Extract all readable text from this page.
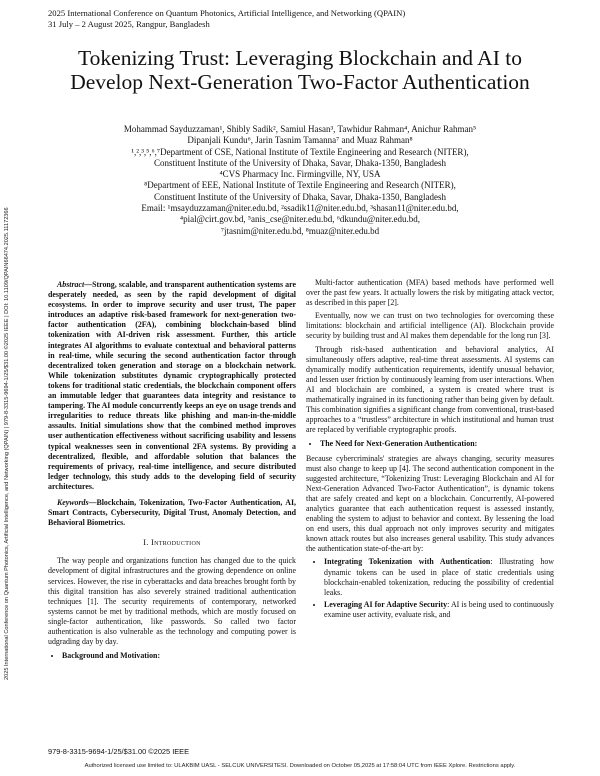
2025 International Conference on Quantum Photonics, Artificial Intelligence, and Networking (QPAIN)
31 July – 2 August 2025, Rangpur, Bangladesh
2025 International Conference on Quantum Photonics, Artificial Intelligence, and Networking (QPAIN) | 979-8-3315-9694-1/25/$31.00 ©2025 IEEE | DOI: 10.1109/QPAIN66474.2025.11172366
Tokenizing Trust: Leveraging Blockchain and AI to Develop Next-Generation Two-Factor Authentication
Mohammad Sayduzzaman¹, Shibly Sadik², Samiul Hasan³, Tawhidur Rahman⁴, Anichur Rahman⁵
Dipanjali Kundu⁶, Jarin Tasnim Tamanna⁷ and Muaz Rahman⁸
¹,²,³,⁵,⁶,⁷Department of CSE, National Institute of Textile Engineering and Research (NITER),
Constituent Institute of the University of Dhaka, Savar, Dhaka-1350, Bangladesh
⁴CVS Pharmacy Inc. Firmingville, NY, USA
⁸Department of EEE, National Institute of Textile Engineering and Research (NITER),
Constituent Institute of the University of Dhaka, Savar, Dhaka-1350, Bangladesh
Email: ¹msayduzzaman@niter.edu.bd, ²ssadik11@niter.edu.bd, ³shasan11@niter.edu.bd,
⁴pial@cirt.gov.bd, ⁵anis_cse@niter.edu.bd, ⁶dkundu@niter.edu.bd,
⁷jtasnim@niter.edu.bd, ⁸muaz@niter.edu.bd

Abstract—Strong, scalable, and transparent authentication systems are desperately needed, as seen by the rapid development of digital ecosystems. In order to improve security and user trust, The paper introduces an adaptive risk-based framework for next-generation two-factor authentication (2FA), combining blockchain-based blind tokenization with AI-driven risk assessment. Further, this article integrates AI algorithms to evaluate contextual and behavioral patterns in real-time, while securing the second authentication factor through decentralized token generation and storage on a blockchain network. While tokenization substitutes dynamic cryptographically protected tokens for traditional static credentials, the blockchain component offers an immutable ledger that guarantees data integrity and resistance to tampering. The AI module concurrently keeps an eye on usage trends and irregularities to reduce threats like phishing and man-in-the-middle assaults. Initial simulations show that the combined method improves user authentication effectiveness without sacrificing usability and lessens typical weaknesses seen in conventional 2FA systems. By providing a decentralized, flexible, and affordable solution that balances the requirements of privacy, real-time intelligence, and secure distributed ledger technology, this study adds to the developing field of security architectures.

Keywords—Blockchain, Tokenization, Two-Factor Authentication, AI, Smart Contracts, Cybersecurity, Digital Trust, Anomaly Detection, and Behavioral Biometrics.

I. Introduction

The way people and organizations function has changed due to the quick development of digital infrastructures and the growing dependence on online services. However, the rise in cyberattacks and data breaches brought forth by this digital transition has also severely strained traditional authentication techniques [1]. The security requirements of contemporary, networked systems cannot be met by traditional methods, which are mostly focused on single-factor authentication, like passwords. So called two factor authentication is also vulnerable as the technology and computing power is udgrading day by day.

• Background and Motivation:

Multi-factor authentication (MFA) based methods have performed well over the past few years. It actually lowers the risk by mitigating attack vector, as described in this paper [2].

Eventually, now we can trust on two technologies for overcoming these limitations: blockchain and artificial intelligence (AI). Blockchain provide security by building trust and AI makes them dependable for the long run [3].

Through risk-based authentication and behavioral analytics, AI simultaneously offers adaptive, real-time threat assessments. AI systems can dynamically modify authentication requirements, identify unusual behavior, and lessen user friction by continuously learning from user interactions. When AI and blockchain are combined, a system is created where trust is mathematically ingrained in its functioning rather than being given by default. This combination signifies a significant change from conventional, trust-based approaches to a “trustless” architecture in which institutional and human trust are replaced by verifiable cryptographic proofs.

• The Need for Next-Generation Authentication:

Because cybercriminals' strategies are always changing, security measures must also change to keep up [4]. The second authentication component in the suggested architecture, “Tokenizing Trust: Leveraging Blockchain and AI for Next-Generation Advanced Two-Factor Authentication”, is dynamic tokens that are safely created and kept on a blockchain. Concurrently, AI-powered analytics guarantee that each authentication request is assessed instantly, enabling the system to adjust to behavior and context. By lessening the load on end users, this dual approach not only improves security and mitigates known attack routes but also increases general usability. This study advances the authentication state-of-the-art by:

• Integrating Tokenization with Authentication: Illustrating how dynamic tokens can be used in place of static credentials using blockchain-enabled tokenization, reducing the possibility of credential leaks.
• Leveraging AI for Adaptive Security: AI is being used to continuously examine user activity, evaluate risk, and
979-8-3315-9694-1/25/$31.00 ©2025 IEEE
Authorized licensed use limited to: ULAKBIM UASL - SELCUK UNIVERSITESI. Downloaded on October 05,2025 at 17:58:04 UTC from IEEE Xplore. Restrictions apply.
